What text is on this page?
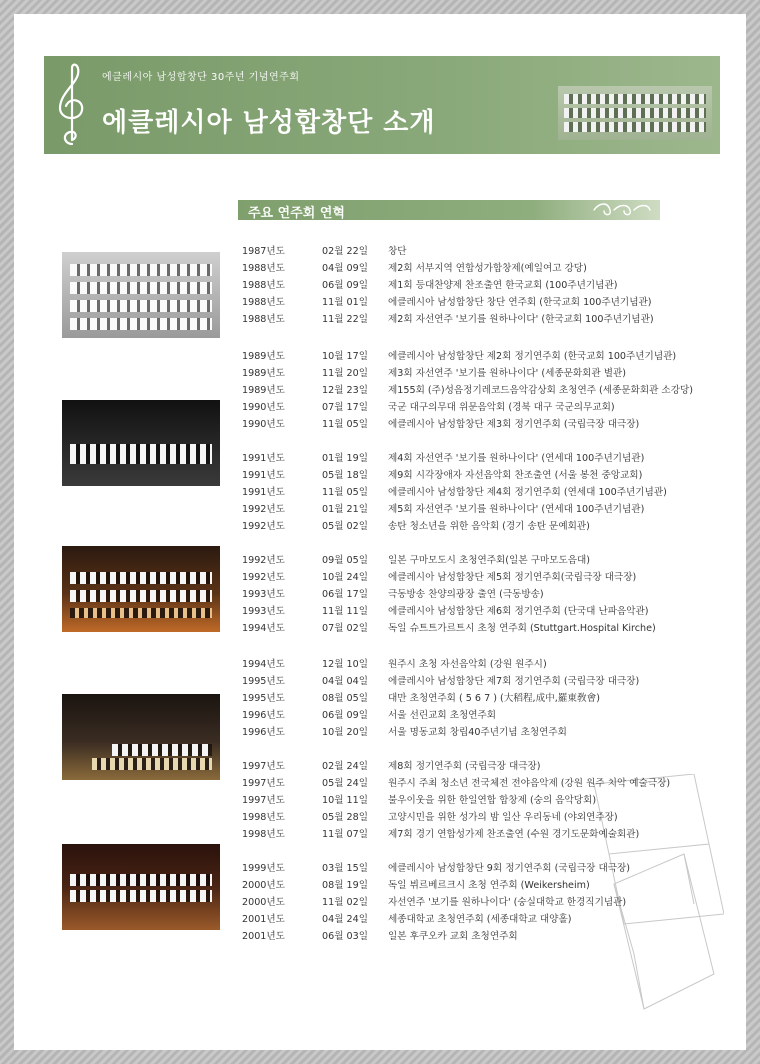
에클레시아 남성합창단 30주년 기념연주회
에클레시아 남성합창단 소개
주요 연주회 연혁
1987년도	02월 22일	창단
1988년도	04월 09일	제2회 서부지역 연합성가합창제(예일여고 강당)
1988년도	06월 09일	제1회 등대찬양제 찬조출연 한국교회 (100주년기념관)
1988년도	11월 01일	에클레시아 남성합창단 창단 연주회 (한국교회 100주년기념관)
1988년도	11월 22일	제2회 자선연주 '보기를 원하나이다' (한국교회 100주년기념관)
1989년도	10월 17일	에클레시아 남성합창단 제2회 정기연주회 (한국교회 100주년기념관)
1989년도	11월 20일	제3회 자선연주 '보기를 원하나이다' (세종문화회관 별관)
1989년도	12월 23일	제155회 (주)성음정기레코드음악감상회 초청연주 (세종문화회관 소강당)
1990년도	07월 17일	국군 대구의무대 위문음악회 (경북 대구 국군의무교회)
1990년도	11월 05일	에클레시아 남성합창단 제3회 정기연주회 (국립극장 대극장)
1991년도	01월 19일	제4회 자선연주 '보기를 원하나이다' (연세대 100주년기념관)
1991년도	05월 18일	제9회 시각장애자 자선음악회 찬조출연 (서울 봉천 중앙교회)
1991년도	11월 05일	에클레시아 남성합창단 제4회 정기연주회 (연세대 100주년기념관)
1992년도	01월 21일	제5회 자선연주 '보기를 원하나이다' (연세대 100주년기념관)
1992년도	05월 02일	송탄 청소년을 위한 음악회 (경기 송탄 문예회관)
1992년도	09월 05일	일본 구마모도시 초청연주회(일본 구마모도음대)
1992년도	10월 24일	에클레시아 남성합창단 제5회 정기연주회(국립극장 대극장)
1993년도	06월 17일	극동방송 찬양의광장 출연 (극동방송)
1993년도	11월 11일	에클레시아 남성합창단 제6회 정기연주회 (단국대 난파음악관)
1994년도	07월 02일	독일 슈트트가르트시 초청 연주회 (Stuttgart.Hospital Kirche)
1994년도	12월 10일	원주시 초청 자선음악회 (강원 원주시)
1995년도	04월 04일	에클레시아 남성합창단 제7회 정기연주회 (국립극장 대극장)
1995년도	08월 05일	대만 초청연주회 ( 5 6 7 ) (大稻程,成中,羅東敎會)
1996년도	06월 09일	서울 선린교회 초청연주회
1996년도	10월 20일	서울 명동교회 창립40주년기념 초청연주회
1997년도	02월 24일	제8회 정기연주회 (국립극장 대극장)
1997년도	05월 24일	원주시 주최 청소년 전국체전 전야음악제 (강원 원주 치악 예술극장)
1997년도	10월 11일	불우이웃을 위한 한일연합 합창제 (숭의 음악당회)
1998년도	05월 28일	고양시민을 위한 성가의 밤 일산 우리동네 (야외연주장)
1998년도	11월 07일	제7회 경기 연합성가제 찬조출연 (수원 경기도문화예술회관)
1999년도	03월 15일	에클레시아 남성합창단 9회 정기연주회 (국립극장 대극장)
2000년도	08월 19일	독일 뷔르베르크시 초청 연주회 (Weikersheim)
2000년도	11월 02일	자선연주 '보기를 원하나이다' (숭실대학교 한경직기념관)
2001년도	04월 24일	세종대학교 초청연주회 (세종대학교 대양홀)
2001년도	06월 03일	일본 후쿠오카 교회 초청연주회
